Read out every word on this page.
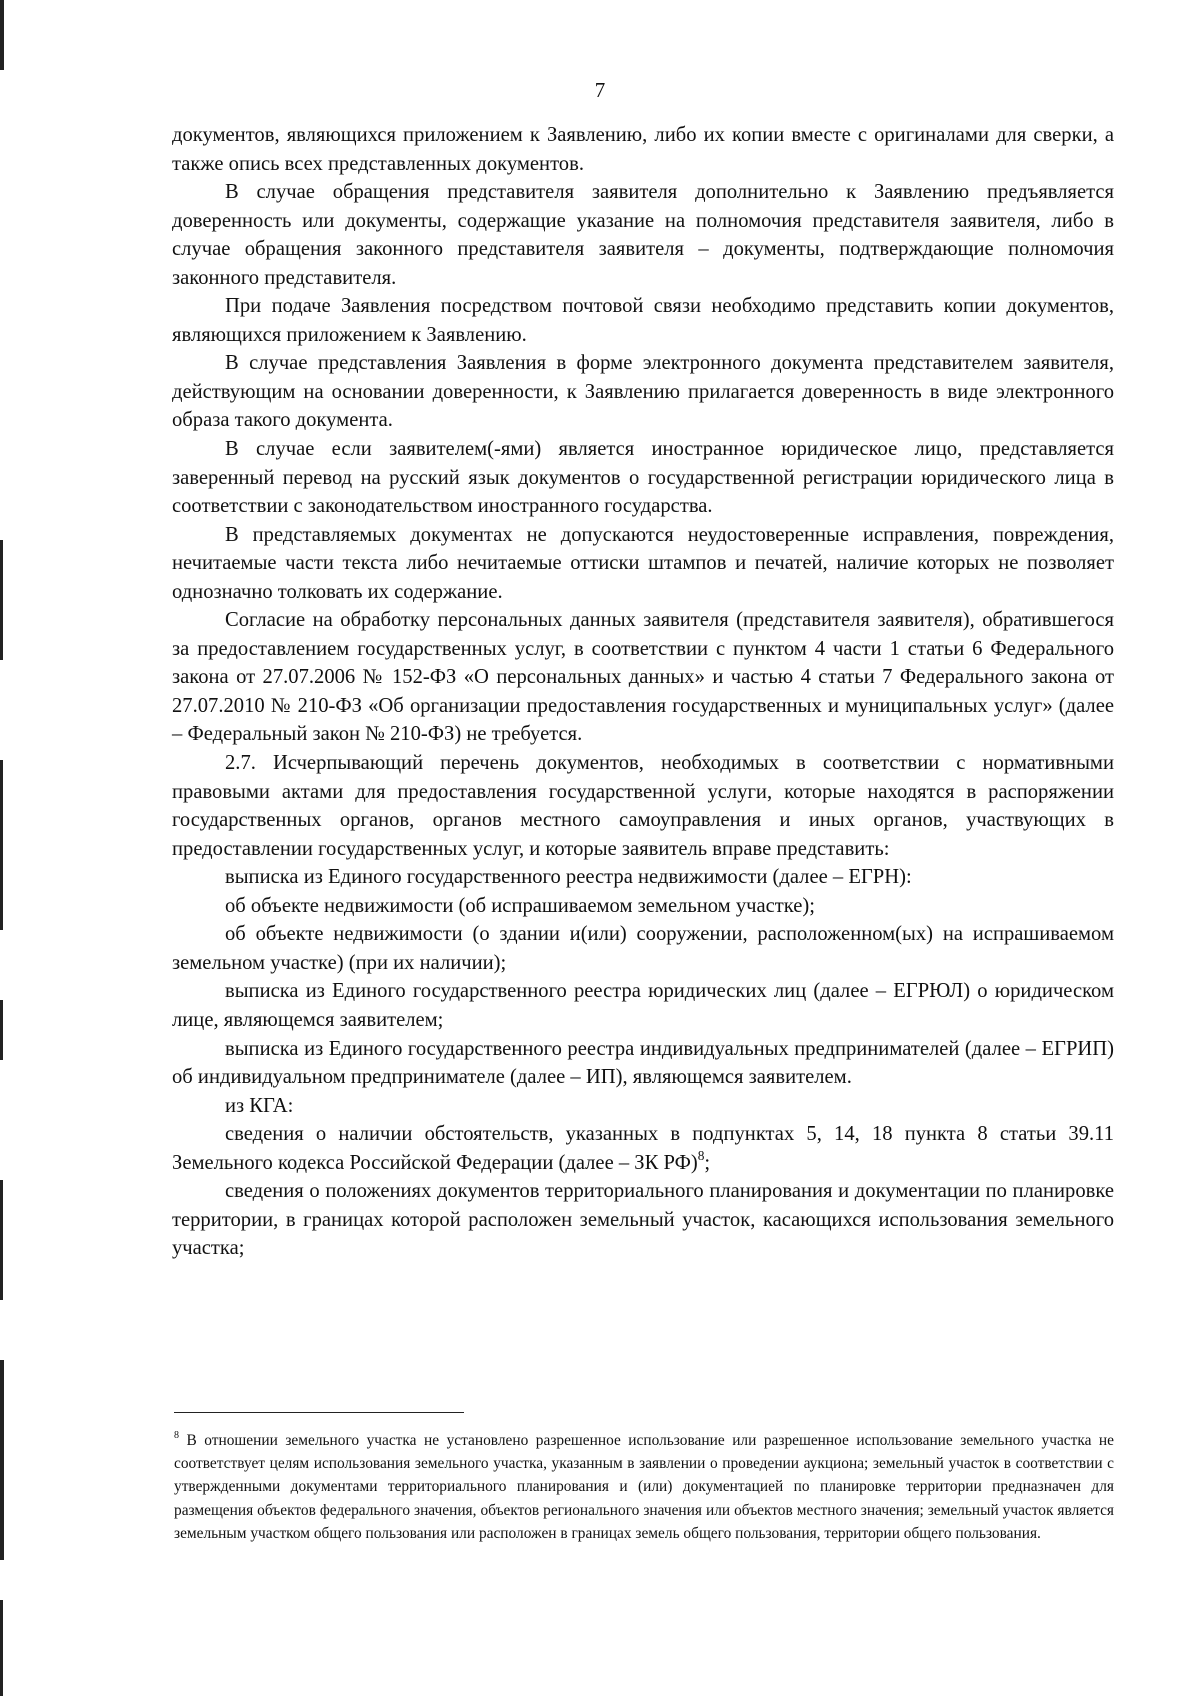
7

документов, являющихся приложением к Заявлению, либо их копии вместе с оригиналами для сверки, а также опись всех представленных документов.

В случае обращения представителя заявителя дополнительно к Заявлению предъявляется доверенность или документы, содержащие указание на полномочия представителя заявителя, либо в случае обращения законного представителя заявителя – документы, подтверждающие полномочия законного представителя.

При подаче Заявления посредством почтовой связи необходимо представить копии документов, являющихся приложением к Заявлению.

В случае представления Заявления в форме электронного документа представителем заявителя, действующим на основании доверенности, к Заявлению прилагается доверенность в виде электронного образа такого документа.

В случае если заявителем(-ями) является иностранное юридическое лицо, представляется заверенный перевод на русский язык документов о государственной регистрации юридического лица в соответствии с законодательством иностранного государства.

В представляемых документах не допускаются неудостоверенные исправления, повреждения, нечитаемые части текста либо нечитаемые оттиски штампов и печатей, наличие которых не позволяет однозначно толковать их содержание.

Согласие на обработку персональных данных заявителя (представителя заявителя), обратившегося за предоставлением государственных услуг, в соответствии с пунктом 4 части 1 статьи 6 Федерального закона от 27.07.2006 № 152-ФЗ «О персональных данных» и частью 4 статьи 7 Федерального закона от 27.07.2010 № 210-ФЗ «Об организации предоставления государственных и муниципальных услуг» (далее – Федеральный закон № 210-ФЗ) не требуется.

2.7. Исчерпывающий перечень документов, необходимых в соответствии с нормативными правовыми актами для предоставления государственной услуги, которые находятся в распоряжении государственных органов, органов местного самоуправления и иных органов, участвующих в предоставлении государственных услуг, и которые заявитель вправе представить:

выписка из Единого государственного реестра недвижимости (далее – ЕГРН):

об объекте недвижимости (об испрашиваемом земельном участке);

об объекте недвижимости (о здании и(или) сооружении, расположенном(ых) на испрашиваемом земельном участке) (при их наличии);

выписка из Единого государственного реестра юридических лиц (далее – ЕГРЮЛ) о юридическом лице, являющемся заявителем;

выписка из Единого государственного реестра индивидуальных предпринимателей (далее – ЕГРИП) об индивидуальном предпринимателе (далее – ИП), являющемся заявителем.

из КГА:

сведения о наличии обстоятельств, указанных в подпунктах 5, 14, 18 пункта 8 статьи 39.11 Земельного кодекса Российской Федерации (далее – ЗК РФ)$^8$;

сведения о положениях документов территориального планирования и документации по планировке территории, в границах которой расположен земельный участок, касающихся использования земельного участка;

$^8$ В отношении земельного участка не установлено разрешенное использование или разрешенное использование земельного участка не соответствует целям использования земельного участка, указанным в заявлении о проведении аукциона; земельный участок в соответствии с утвержденными документами территориального планирования и (или) документацией по планировке территории предназначен для размещения объектов федерального значения, объектов регионального значения или объектов местного значения; земельный участок является земельным участком общего пользования или расположен в границах земель общего пользования, территории общего пользования.
